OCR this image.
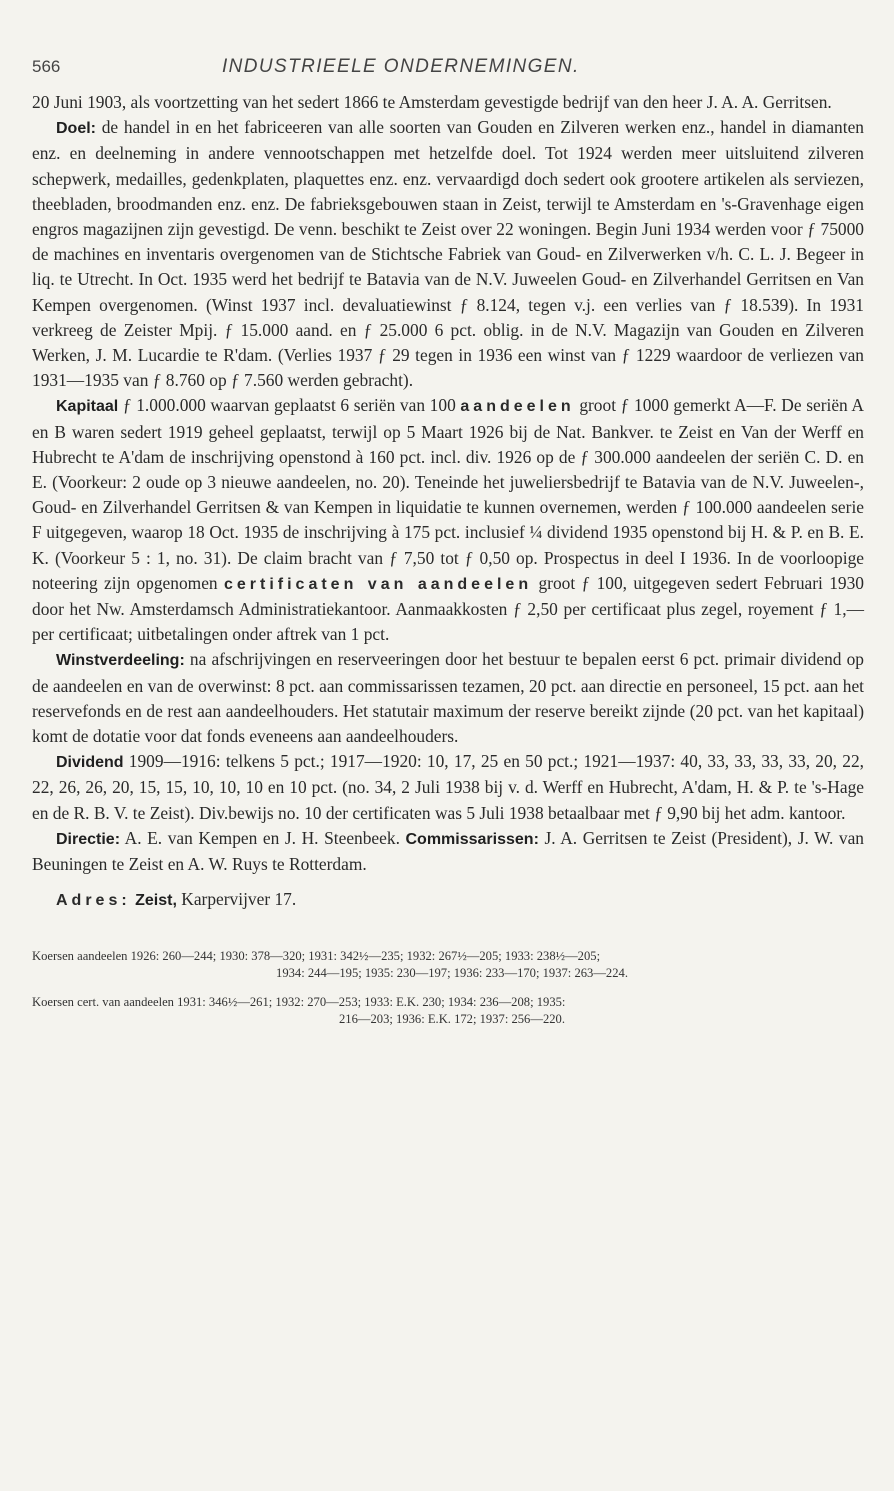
566	INDUSTRIEELE ONDERNEMINGEN.

20 Juni 1903, als voortzetting van het sedert 1866 te Amsterdam gevestigde bedrijf van den heer J. A. A. Gerritsen.

Doel: de handel in en het fabriceeren van alle soorten van Gouden en Zilveren werken enz., handel in diamanten enz. en deelneming in andere vennootschappen met hetzelfde doel. Tot 1924 werden meer uitsluitend zilveren schepwerk, medailles, gedenkplaten, plaquettes enz. enz. vervaardigd doch sedert ook grootere artikelen als serviezen, theebladen, broodmanden enz. enz. De fabrieksgebouwen staan in Zeist, terwijl te Amsterdam en 's-Gravenhage eigen engros magazijnen zijn gevestigd. De venn. beschikt te Zeist over 22 woningen. Begin Juni 1934 werden voor ƒ 75000 de machines en inventaris overgenomen van de Stichtsche Fabriek van Goud- en Zilverwerken v/h. C. L. J. Begeer in liq. te Utrecht. In Oct. 1935 werd het bedrijf te Batavia van de N.V. Juweelen Goud- en Zilverhandel Gerritsen en Van Kempen overgenomen. (Winst 1937 incl. devaluatiewinst ƒ 8.124, tegen v.j. een verlies van ƒ 18.539). In 1931 verkreeg de Zeister Mpij. ƒ 15.000 aand. en ƒ 25.000 6 pct. oblig. in de N.V. Magazijn van Gouden en Zilveren Werken, J. M. Lucardie te R'dam. (Verlies 1937 ƒ 29 tegen in 1936 een winst van ƒ 1229 waardoor de verliezen van 1931—1935 van ƒ 8.760 op ƒ 7.560 werden gebracht).

Kapitaal ƒ 1.000.000 waarvan geplaatst 6 seriën van 100 aandeelen groot ƒ 1000 gemerkt A—F. De seriën A en B waren sedert 1919 geheel geplaatst, terwijl op 5 Maart 1926 bij de Nat. Bankver. te Zeist en Van der Werff en Hubrecht te A'dam de inschrijving openstond à 160 pct. incl. div. 1926 op de ƒ 300.000 aandeelen der seriën C. D. en E. (Voorkeur: 2 oude op 3 nieuwe aandeelen, no. 20). Teneinde het juweliersbedrijf te Batavia van de N.V. Juweelen-, Goud- en Zilverhandel Gerritsen & van Kempen in liquidatie te kunnen overnemen, werden ƒ 100.000 aandeelen serie F uitgegeven, waarop 18 Oct. 1935 de inschrijving à 175 pct. inclusief ¼ dividend 1935 openstond bij H. & P. en B. E. K. (Voorkeur 5 : 1, no. 31). De claim bracht van ƒ 7,50 tot ƒ 0,50 op. Prospectus in deel I 1936. In de voorloopige noteering zijn opgenomen certificaten van aandeelen groot ƒ 100, uitgegeven sedert Februari 1930 door het Nw. Amsterdamsch Administratiekantoor. Aanmaakkosten ƒ 2,50 per certificaat plus zegel, royement ƒ 1,— per certificaat; uitbetalingen onder aftrek van 1 pct.

Winstverdeeling: na afschrijvingen en reserveeringen door het bestuur te bepalen eerst 6 pct. primair dividend op de aandeelen en van de overwinst: 8 pct. aan commissarissen tezamen, 20 pct. aan directie en personeel, 15 pct. aan het reservefonds en de rest aan aandeelhouders. Het statutair maximum der reserve bereikt zijnde (20 pct. van het kapitaal) komt de dotatie voor dat fonds eveneens aan aandeelhouders.

Dividend 1909—1916: telkens 5 pct.; 1917—1920: 10, 17, 25 en 50 pct.; 1921—1937: 40, 33, 33, 33, 33, 20, 22, 22, 26, 26, 20, 15, 15, 10, 10, 10 en 10 pct. (no. 34, 2 Juli 1938 bij v. d. Werff en Hubrecht, A'dam, H. & P. te 's-Hage en de R. B. V. te Zeist). Div.bewijs no. 10 der certificaten was 5 Juli 1938 betaalbaar met ƒ 9,90 bij het adm. kantoor.

Directie: A. E. van Kempen en J. H. Steenbeek. Commissarissen: J. A. Gerritsen te Zeist (President), J. W. van Beuningen te Zeist en A. W. Ruys te Rotterdam.

Adres: Zeist, Karpervijver 17.

Koersen aandeelen 1926: 260—244; 1930: 378—320; 1931: 342½—235; 1932: 267½—205; 1933: 238½—205;
1934: 244—195; 1935: 230—197; 1936: 233—170; 1937: 263—224.

Koersen cert. van aandeelen 1931: 346½—261; 1932: 270—253; 1933: E.K. 230; 1934: 236—208; 1935:
216—203; 1936: E.K. 172; 1937: 256—220.
